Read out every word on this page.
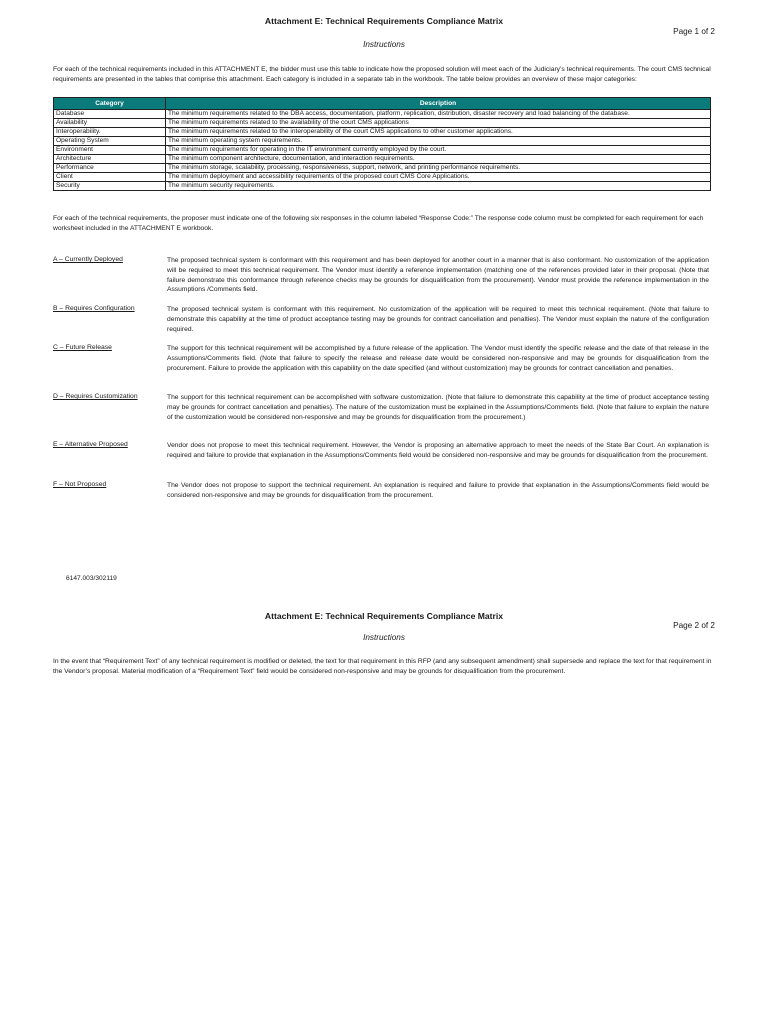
Attachment E: Technical Requirements Compliance Matrix
Page 1 of 2
Instructions
For each of the technical requirements included in this ATTACHMENT E, the bidder must use this table to indicate how the proposed solution will meet each of the Judiciary’s technical requirements. The court CMS technical requirements are presented in the tables that comprise this attachment. Each category is included in a separate tab in the workbook. The table below provides an overview of these major categories:
Category	Description
Database	The minimum requirements related to the DBA access, documentation, platform, replication, distribution, disaster recovery and load balancing of the database.
Availability	The minimum requirements related to the availability of the court CMS applications
Interoperability.	The minimum requirements related to the interoperability of the court CMS applications to other customer applications.
Operating System	The minimum operating system requirements.
Environment	The minimum requirements for operating in the IT environment currently employed by the court.
Architecture	The minimum component architecture, documentation, and interaction requirements.
Performance	The minimum storage, scalability, processing, responsiveness, support, network, and printing performance requirements.
Client	The minimum deployment and accessibility requirements of the proposed court CMS Core Applications.
Security	The minimum security requirements.
For each of the technical requirements, the proposer must indicate one of the following six responses in the column labeled “Response Code:” The response code column must be completed for each requirement for each worksheet included in the ATTACHMENT E workbook.
A – Currently Deployed	The proposed technical system is conformant with this requirement and has been deployed for another court in a manner that is also conformant. No customization of the application will be required to meet this technical requirement. The Vendor must identify a reference implementation (matching one of the references provided later in their proposal. (Note that failure demonstrate this conformance through reference checks may be grounds for disqualification from the procurement). Vendor must provide the reference implementation in the Assumptions /Comments field.
B – Requires Configuration	The proposed technical system is conformant with this requirement. No customization of the application will be required to meet this technical requirement. (Note that failure to demonstrate this capability at the time of product acceptance testing may be grounds for contract cancellation and penalties). The Vendor must explain the nature of the configuration required.
C – Future Release	The support for this technical requirement will be accomplished by a future release of the application. The Vendor must identify the specific release and the date of that release in the Assumptions/Comments field. (Note that failure to specify the release and release date would be considered non-responsive and may be grounds for disqualification from the procurement. Failure to provide the application with this capability on the date specified (and without customization) may be grounds for contract cancellation and penalties.
D – Requires Customization	The support for this technical requirement can be accomplished with software customization. (Note that failure to demonstrate this capability at the time of product acceptance testing may be grounds for contract cancellation and penalties). The nature of the customization must be explained in the Assumptions/Comments field. (Note that failure to explain the nature of the customization would be considered non-responsive and may be grounds for disqualification from the procurement.)
E – Alternative Proposed	Vendor does not propose to meet this technical requirement. However, the Vendor is proposing an alternative approach to meet the needs of the State Bar Court. An explanation is required and failure to provide that explanation in the Assumptions/Comments field would be considered non-responsive and may be grounds for disqualification from the procurement.
F – Not Proposed	The Vendor does not propose to support the technical requirement. An explanation is required and failure to provide that explanation in the Assumptions/Comments field would be considered non-responsive and may be grounds for disqualification from the procurement.
6147.003/302119
Attachment E: Technical Requirements Compliance Matrix
Page 2 of 2
Instructions
In the event that “Requirement Text” of any technical requirement is modified or deleted, the text for that requirement in this RFP (and any subsequent amendment) shall supersede and replace the text for that requirement in the Vendor’s proposal. Material modification of a “Requirement Text” field would be considered non-responsive and may be grounds for disqualification from the procurement.
